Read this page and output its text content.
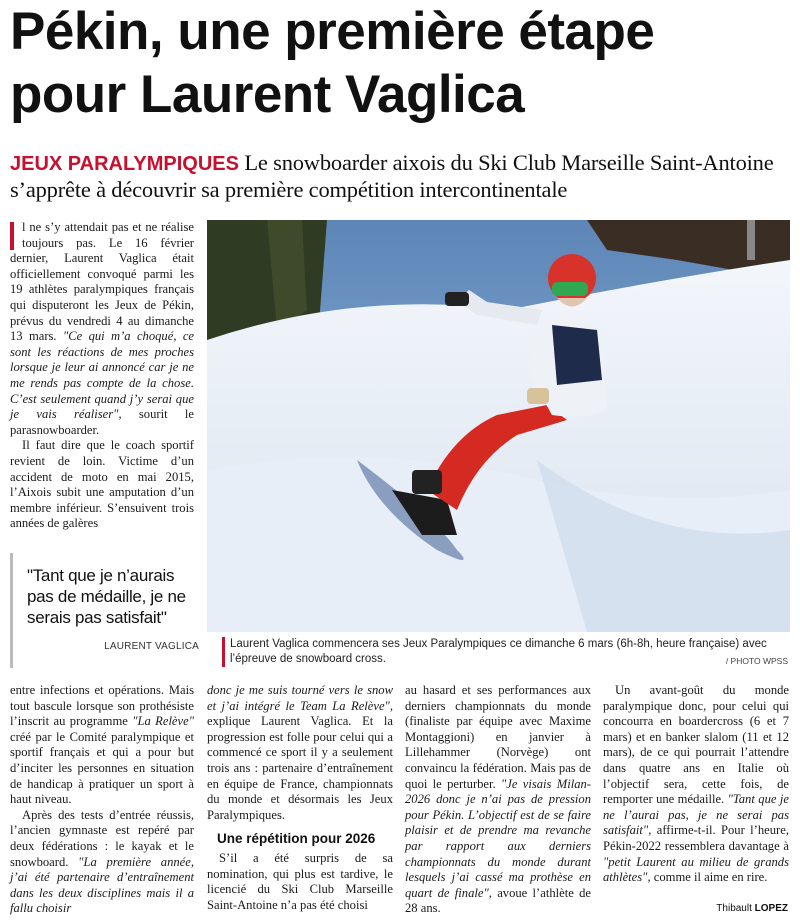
Pékin, une première étape
pour Laurent Vaglica
JEUX PARALYMPIQUES Le snowboarder aixois du Ski Club Marseille Saint-Antoine s’apprête à découvrir sa première compétition intercontinentale

l ne s’y attendait pas et ne réalise toujours pas. Le 16 février dernier, Laurent Vaglica était officiellement convoqué parmi les 19 athlètes paralympiques français qui disputeront les Jeux de Pékin, prévus du vendredi 4 au dimanche 13 mars. "Ce qui m’a choqué, ce sont les réactions de mes proches lorsque je leur ai annoncé car je ne me rends pas compte de la chose. C’est seulement quand j’y serai que je vais réaliser", sourit le parasnowboarder.

Il faut dire que le coach sportif revient de loin. Victime d’un accident de moto en mai 2015, l’Aixois subit une amputation d’un membre inférieur. S’ensuivent trois années de galères

"Tant que je n’aurais pas de médaille, je ne serais pas satisfait"
LAURENT VAGLICA	Laurent Vaglica commencera ses Jeux Paralympiques ce dimanche 6 mars (6h-8h, heure française) avec l’épreuve de snowboard cross.	/ PHOTO WPSS

entre infections et opérations. Mais tout bascule lorsque son prothésiste l’inscrit au programme "La Relève" créé par le Comité paralympique et sportif français et qui a pour but d’inciter les personnes en situation de handicap à pratiquer un sport à haut niveau.

Après des tests d’entrée réussis, l’ancien gymnaste est repéré par deux fédérations : le kayak et le snowboard. "La première année, j’ai été partenaire d’entraînement dans les deux disciplines mais il a fallu choisir

donc je me suis tourné vers le snow et j’ai intégré le Team La Relève", explique Laurent Vaglica. Et la progression est folle pour celui qui a commencé ce sport il y a seulement trois ans : partenaire d’entraînement en équipe de France, championnats du monde et désormais les Jeux Paralympiques.

Une répétition pour 2026

S’il a été surpris de sa nomination, qui plus est tardive, le licencié du Ski Club Marseille Saint-Antoine n’a pas été choisi

au hasard et ses performances aux derniers championnats du monde (finaliste par équipe avec Maxime Montaggioni) en janvier à Lillehammer (Norvège) ont convaincu la fédération. Mais pas de quoi le perturber. "Je visais Milan-2026 donc je n’ai pas de pression pour Pékin. L’objectif est de se faire plaisir et de prendre ma revanche par rapport aux derniers championnats du monde durant lesquels j’ai cassé ma prothèse en quart de finale", avoue l’athlète de 28 ans.

Un avant-goût du monde paralympique donc, pour celui qui concourra en boardercross (6 et 7 mars) et en banker slalom (11 et 12 mars), de ce qui pourrait l’attendre dans quatre ans en Italie où l’objectif sera, cette fois, de remporter une médaille. "Tant que je ne l’aurai pas, je ne serai pas satisfait", affirme-t-il. Pour l’heure, Pékin-2022 ressemblera davantage à "petit Laurent au milieu de grands athlètes", comme il aime en rire.

Thibault LOPEZ
